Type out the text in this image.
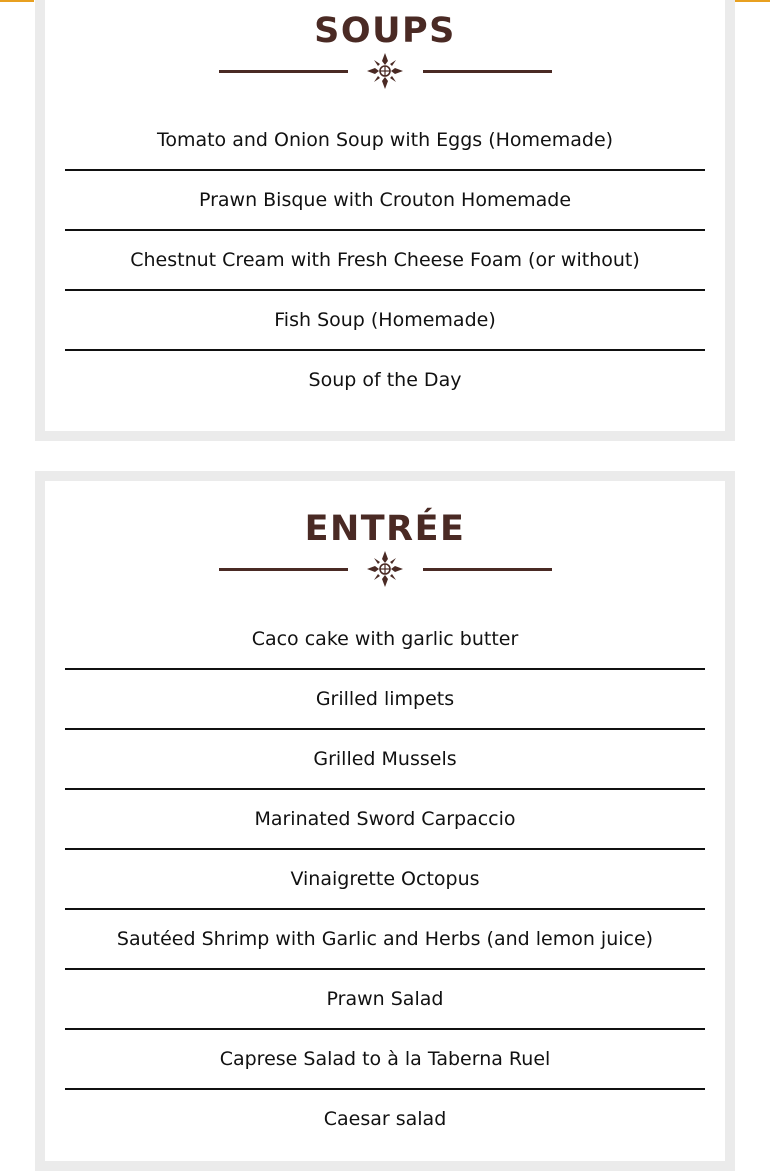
SOUPS
Tomato and Onion Soup with Eggs (Homemade)
Prawn Bisque with Crouton Homemade
Chestnut Cream with Fresh Cheese Foam (or without)
Fish Soup (Homemade)
Soup of the Day
ENTRÉE
Caco cake with garlic butter
Grilled limpets
Grilled Mussels
Marinated Sword Carpaccio
Vinaigrette Octopus
Sautéed Shrimp with Garlic and Herbs (and lemon juice)
Prawn Salad
Caprese Salad to à la Taberna Ruel
Caesar salad
